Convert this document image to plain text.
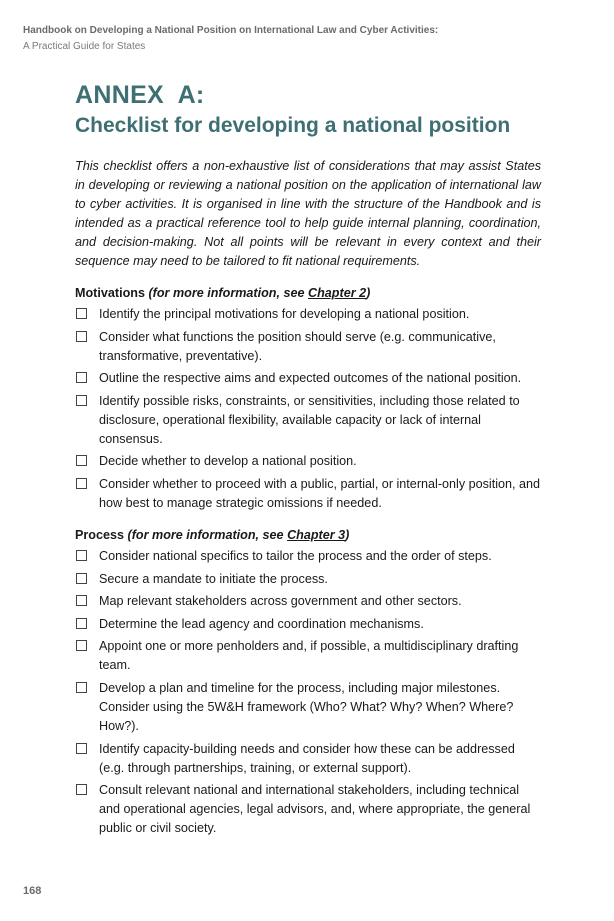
Handbook on Developing a National Position on International Law and Cyber Activities:
A Practical Guide for States
ANNEX  A:
Checklist for developing a national position

This checklist offers a non-exhaustive list of considerations that may assist States in developing or reviewing a national position on the application of international law to cyber activities. It is organised in line with the structure of the Handbook and is intended as a practical reference tool to help guide internal planning, coordination, and decision-making. Not all points will be relevant in every context and their sequence may need to be tailored to fit national requirements.

Motivations (for more information, see Chapter 2)
Identify the principal motivations for developing a national position.
Consider what functions the position should serve (e.g. communicative, transformative, preventative).
Outline the respective aims and expected outcomes of the national position.
Identify possible risks, constraints, or sensitivities, including those related to disclosure, operational flexibility, available capacity or lack of internal consensus.
Decide whether to develop a national position.
Consider whether to proceed with a public, partial, or internal-only position, and how best to manage strategic omissions if needed.
Process (for more information, see Chapter 3)
Consider national specifics to tailor the process and the order of steps.
Secure a mandate to initiate the process.
Map relevant stakeholders across government and other sectors.
Determine the lead agency and coordination mechanisms.
Appoint one or more penholders and, if possible, a multidisciplinary drafting team.
Develop a plan and timeline for the process, including major milestones. Consider using the 5W&H framework (Who? What? Why? When? Where? How?).
Identify capacity-building needs and consider how these can be addressed (e.g. through partnerships, training, or external support).
Consult relevant national and international stakeholders, including technical and operational agencies, legal advisors, and, where appropriate, the general public or civil society.
168
